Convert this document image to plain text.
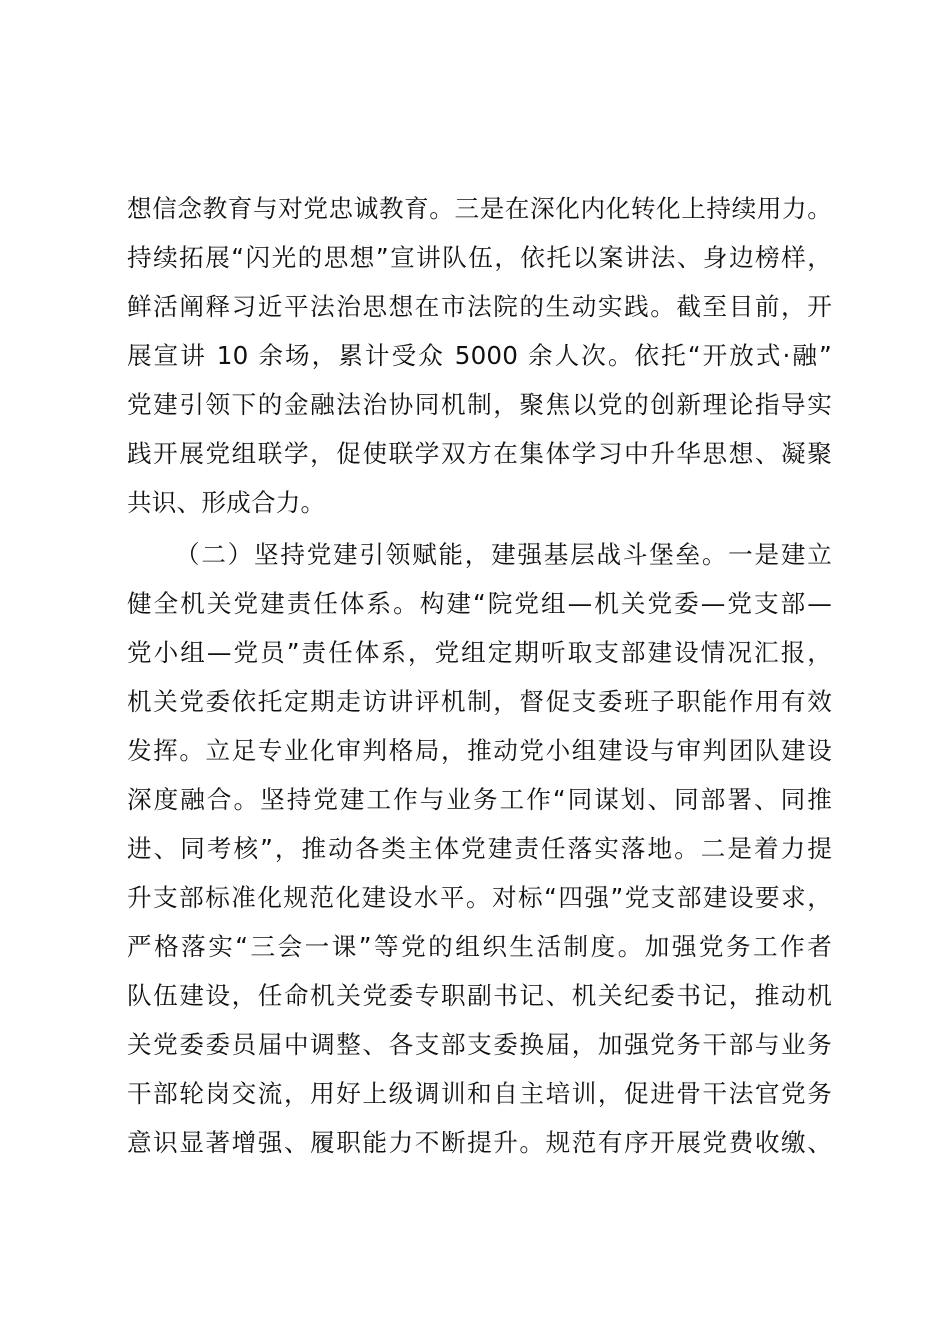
想信念教育与对党忠诚教育。三是在深化内化转化上持续用力。
持续拓展“闪光的思想”宣讲队伍，依托以案讲法、身边榜样，
鲜活阐释习近平法治思想在市法院的生动实践。截至目前，开
展宣讲 10 余场，累计受众 5000 余人次。依托“开放式·融”
党建引领下的金融法治协同机制，聚焦以党的创新理论指导实
践开展党组联学，促使联学双方在集体学习中升华思想、凝聚
共识、形成合力。
（二）坚持党建引领赋能，建强基层战斗堡垒。一是建立
健全机关党建责任体系。构建“院党组—机关党委—党支部—
党小组—党员”责任体系，党组定期听取支部建设情况汇报，
机关党委依托定期走访讲评机制，督促支委班子职能作用有效
发挥。立足专业化审判格局，推动党小组建设与审判团队建设
深度融合。坚持党建工作与业务工作“同谋划、同部署、同推
进、同考核”，推动各类主体党建责任落实落地。二是着力提
升支部标准化规范化建设水平。对标“四强”党支部建设要求，
严格落实“三会一课”等党的组织生活制度。加强党务工作者
队伍建设，任命机关党委专职副书记、机关纪委书记，推动机
关党委委员届中调整、各支部支委换届，加强党务干部与业务
干部轮岗交流，用好上级调训和自主培训，促进骨干法官党务
意识显著增强、履职能力不断提升。规范有序开展党费收缴、
